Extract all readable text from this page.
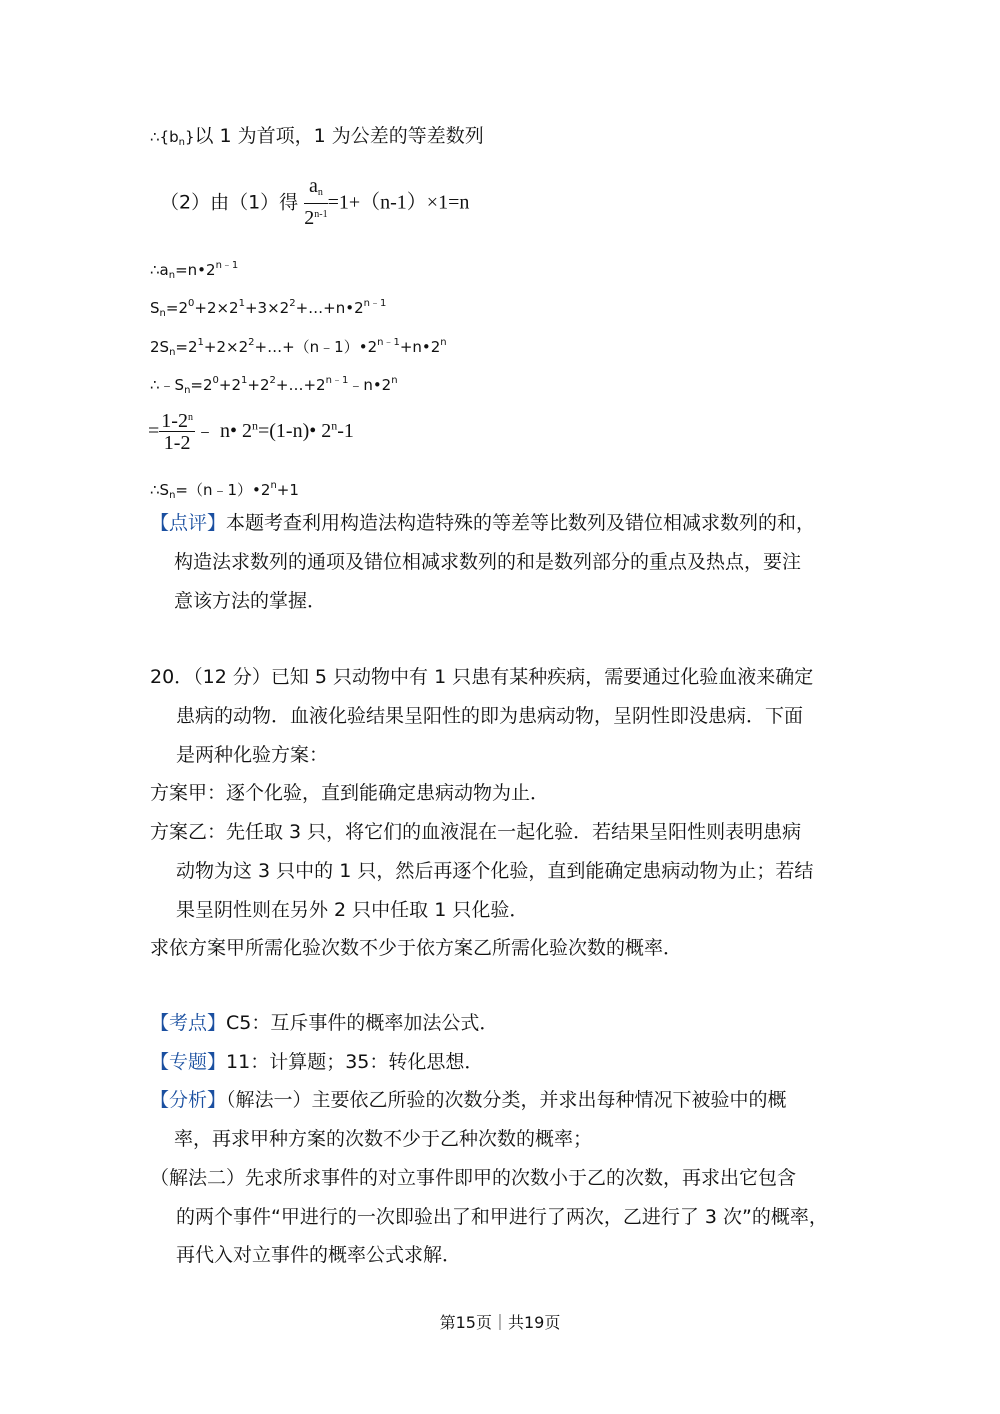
$\therefore\{b_n\}$以 1 为首项，1 为公差的等差数列
（2）由（1）得 $\frac{a_n}{2^{n-1}} =1+(n-1)\times 1=n$
$\therefore a_n=n•2^{n﹣1}$
$S_n=2^0+2\times 2^1+3\times 2^2+\dots+n•2^{n﹣1}$
$2S_n=2^1+2\times 2^2+\dots+(n﹣1)•2^{n﹣1}+n•2^n$
$\therefore﹣S_n=2^0+2^1+2^2+\dots+2^{n﹣1}﹣n•2^n$
= $\frac{1-2^n}{1-2}$ ﹣ n• $2^n=(1-n)•$ 2$^n$-1
$\therefore S_n=(n﹣1)•2^n+1$
【点评】本题考查利用构造法构造特殊的等差等比数列及错位相减求数列的和，
构造法求数列的通项及错位相减求数列的和是数列部分的重点及热点，要注
意该方法的掌握．
20．（12 分）已知 5 只动物中有 1 只患有某种疾病，需要通过化验血液来确定
患病的动物．血液化验结果呈阳性的即为患病动物，呈阴性即没患病．下面
是两种化验方案：
方案甲：逐个化验，直到能确定患病动物为止．
方案乙：先任取 3 只，将它们的血液混在一起化验．若结果呈阳性则表明患病
动物为这 3 只中的 1 只，然后再逐个化验，直到能确定患病动物为止；若结
果呈阴性则在另外 2 只中任取 1 只化验．
求依方案甲所需化验次数不少于依方案乙所需化验次数的概率．
【考点】C5：互斥事件的概率加法公式．
【专题】11：计算题；35：转化思想．
【分析】（解法一）主要依乙所验的次数分类，并求出每种情况下被验中的概
率，再求甲种方案的次数不少于乙种次数的概率；
（解法二）先求所求事件的对立事件即甲的次数小于乙的次数，再求出它包含
的两个事件“甲进行的一次即验出了和甲进行了两次，乙进行了 3 次”的概率，
再代入对立事件的概率公式求解．
第15页｜共19页
